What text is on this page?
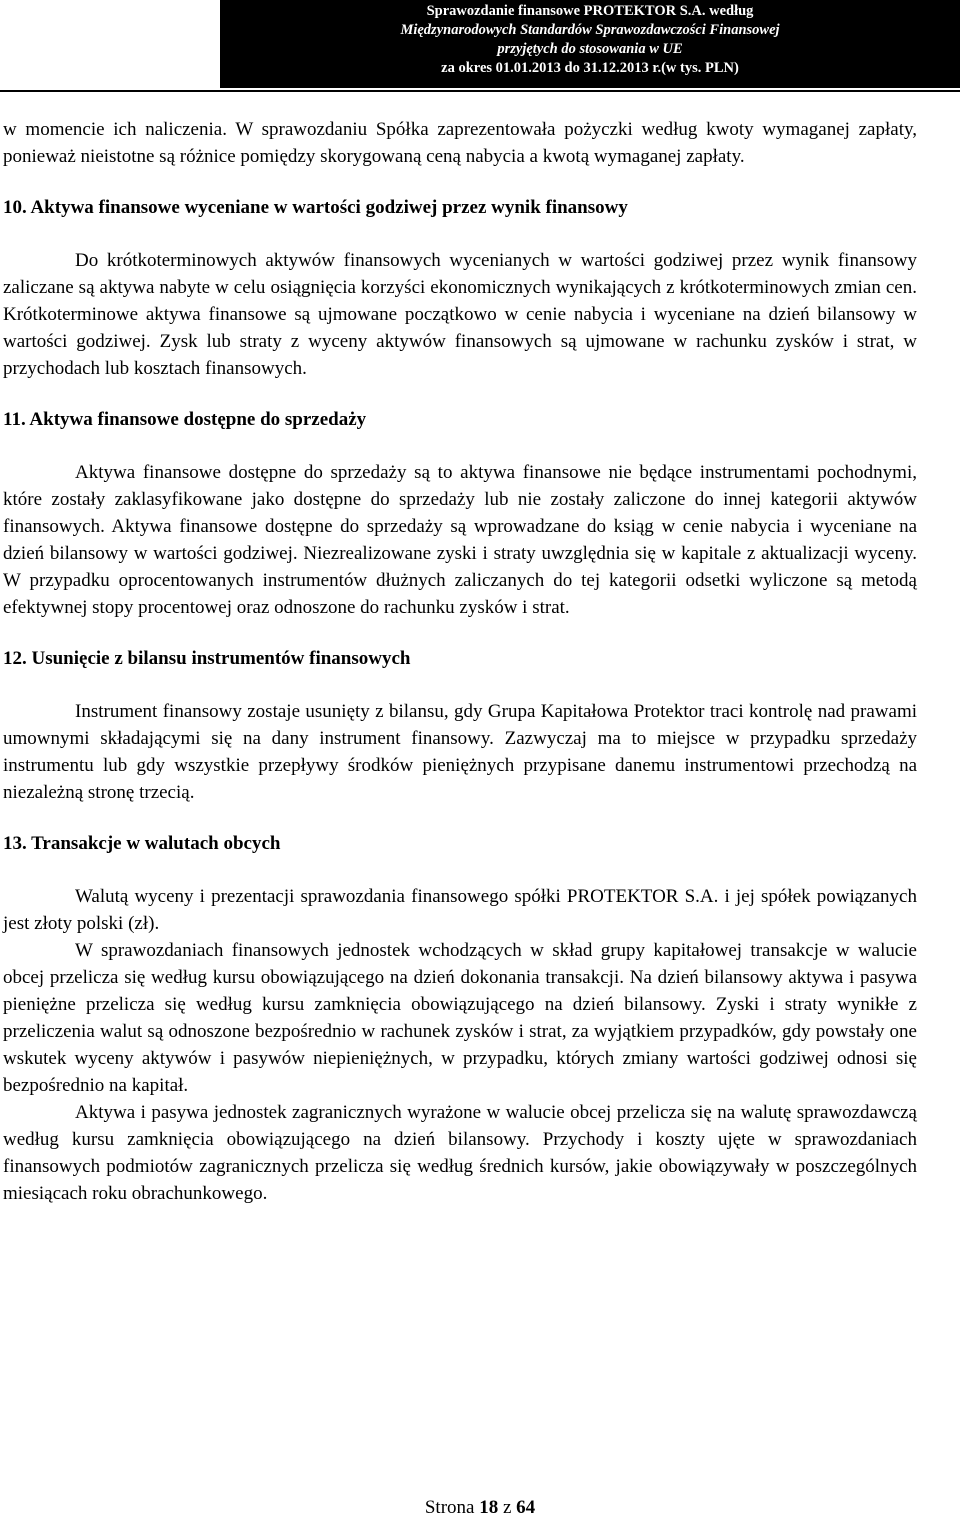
Sprawozdanie finansowe PROTEKTOR S.A. według
Międzynarodowych Standardów Sprawozdawczości Finansowej
przyjętych do stosowania w UE
za okres 01.01.2013 do 31.12.2013 r.(w tys. PLN)

w momencie ich naliczenia. W sprawozdaniu Spółka zaprezentowała pożyczki według kwoty wymaganej zapłaty, ponieważ nieistotne są różnice pomiędzy skorygowaną ceną nabycia a kwotą wymaganej zapłaty.

10. Aktywa finansowe wyceniane w wartości godziwej przez wynik finansowy

Do krótkoterminowych aktywów finansowych wycenianych w wartości godziwej przez wynik finansowy zaliczane są aktywa nabyte w celu osiągnięcia korzyści ekonomicznych wynikających z krótkoterminowych zmian cen. Krótkoterminowe aktywa finansowe są ujmowane początkowo w cenie nabycia i wyceniane na dzień bilansowy w wartości godziwej. Zysk lub straty z wyceny aktywów finansowych są ujmowane w rachunku zysków i strat, w przychodach lub kosztach finansowych.

11. Aktywa finansowe dostępne do sprzedaży

Aktywa finansowe dostępne do sprzedaży są to aktywa finansowe nie będące instrumentami pochodnymi, które zostały zaklasyfikowane jako dostępne do sprzedaży lub nie zostały zaliczone do innej kategorii aktywów finansowych. Aktywa finansowe dostępne do sprzedaży są wprowadzane do ksiąg w cenie nabycia i wyceniane na dzień bilansowy w wartości godziwej. Niezrealizowane zyski i straty uwzględnia się w kapitale z aktualizacji wyceny. W przypadku oprocentowanych instrumentów dłużnych zaliczanych do tej kategorii odsetki wyliczone są metodą efektywnej stopy procentowej oraz odnoszone do rachunku zysków i strat.

12. Usunięcie z bilansu instrumentów finansowych

Instrument finansowy zostaje usunięty z bilansu, gdy Grupa Kapitałowa Protektor traci kontrolę nad prawami umownymi składającymi się na dany instrument finansowy. Zazwyczaj ma to miejsce w przypadku sprzedaży instrumentu lub gdy wszystkie przepływy środków pieniężnych przypisane danemu instrumentowi przechodzą na niezależną stronę trzecią.

13. Transakcje w walutach obcych

Walutą wyceny i prezentacji sprawozdania finansowego spółki PROTEKTOR S.A. i jej spółek powiązanych jest złoty polski (zł).

W sprawozdaniach finansowych jednostek wchodzących w skład grupy kapitałowej transakcje w walucie obcej przelicza się według kursu obowiązującego na dzień dokonania transakcji. Na dzień bilansowy aktywa i pasywa pieniężne przelicza się według kursu zamknięcia obowiązującego na dzień bilansowy. Zyski i straty wynikłe z przeliczenia walut są odnoszone bezpośrednio w rachunek zysków i strat, za wyjątkiem przypadków, gdy powstały one wskutek wyceny aktywów i pasywów niepieniężnych, w przypadku, których zmiany wartości godziwej odnosi się bezpośrednio na kapitał.

Aktywa i pasywa jednostek zagranicznych wyrażone w walucie obcej przelicza się na walutę sprawozdawczą według kursu zamknięcia obowiązującego na dzień bilansowy. Przychody i koszty ujęte w sprawozdaniach finansowych podmiotów zagranicznych przelicza się według średnich kursów, jakie obowiązywały w poszczególnych miesiącach roku obrachunkowego.

Strona 18 z 64
